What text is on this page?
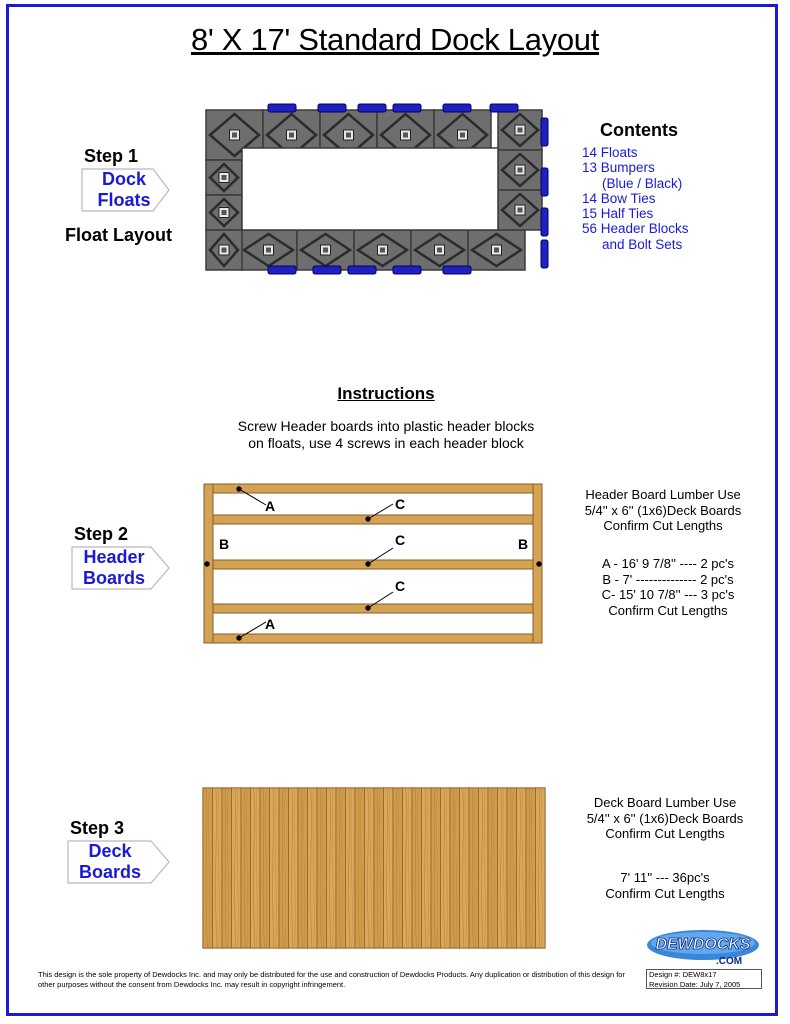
8' X 17' Standard Dock Layout
Step 1
Dock
Floats
Float Layout
Contents
14 Floats
13 Bumpers
(Blue / Black)
14 Bow Ties
15 Half Ties
56 Header Blocks
and Bolt Sets
Instructions
Screw Header boards into plastic header blocks
on floats, use 4 screws in each header block
Step 2
Header
Boards
A
A
C
C
C
B	B
Header Board Lumber Use
5/4'' x 6'' (1x6)Deck Boards
Confirm Cut Lengths
A - 16' 9 7/8'' ---- 2 pc's
B - 7' -------------- 2 pc's
C- 15' 10 7/8'' --- 3 pc's
Confirm Cut Lengths
Step 3
Deck
Boards
Deck Board Lumber Use
5/4'' x 6'' (1x6)Deck Boards
Confirm Cut Lengths
7' 11'' --- 36pc's
Confirm Cut Lengths
DEWDOCKS
.COM
This design is the sole property of Dewdocks Inc. and may only be distributed for the use and construction of Dewdocks Products. Any duplication or distribution of this design for other purposes without the consent from Dewdocks Inc. may result in copyright infringement.
Design #: DEW8x17
Revision Date: July 7, 2005
